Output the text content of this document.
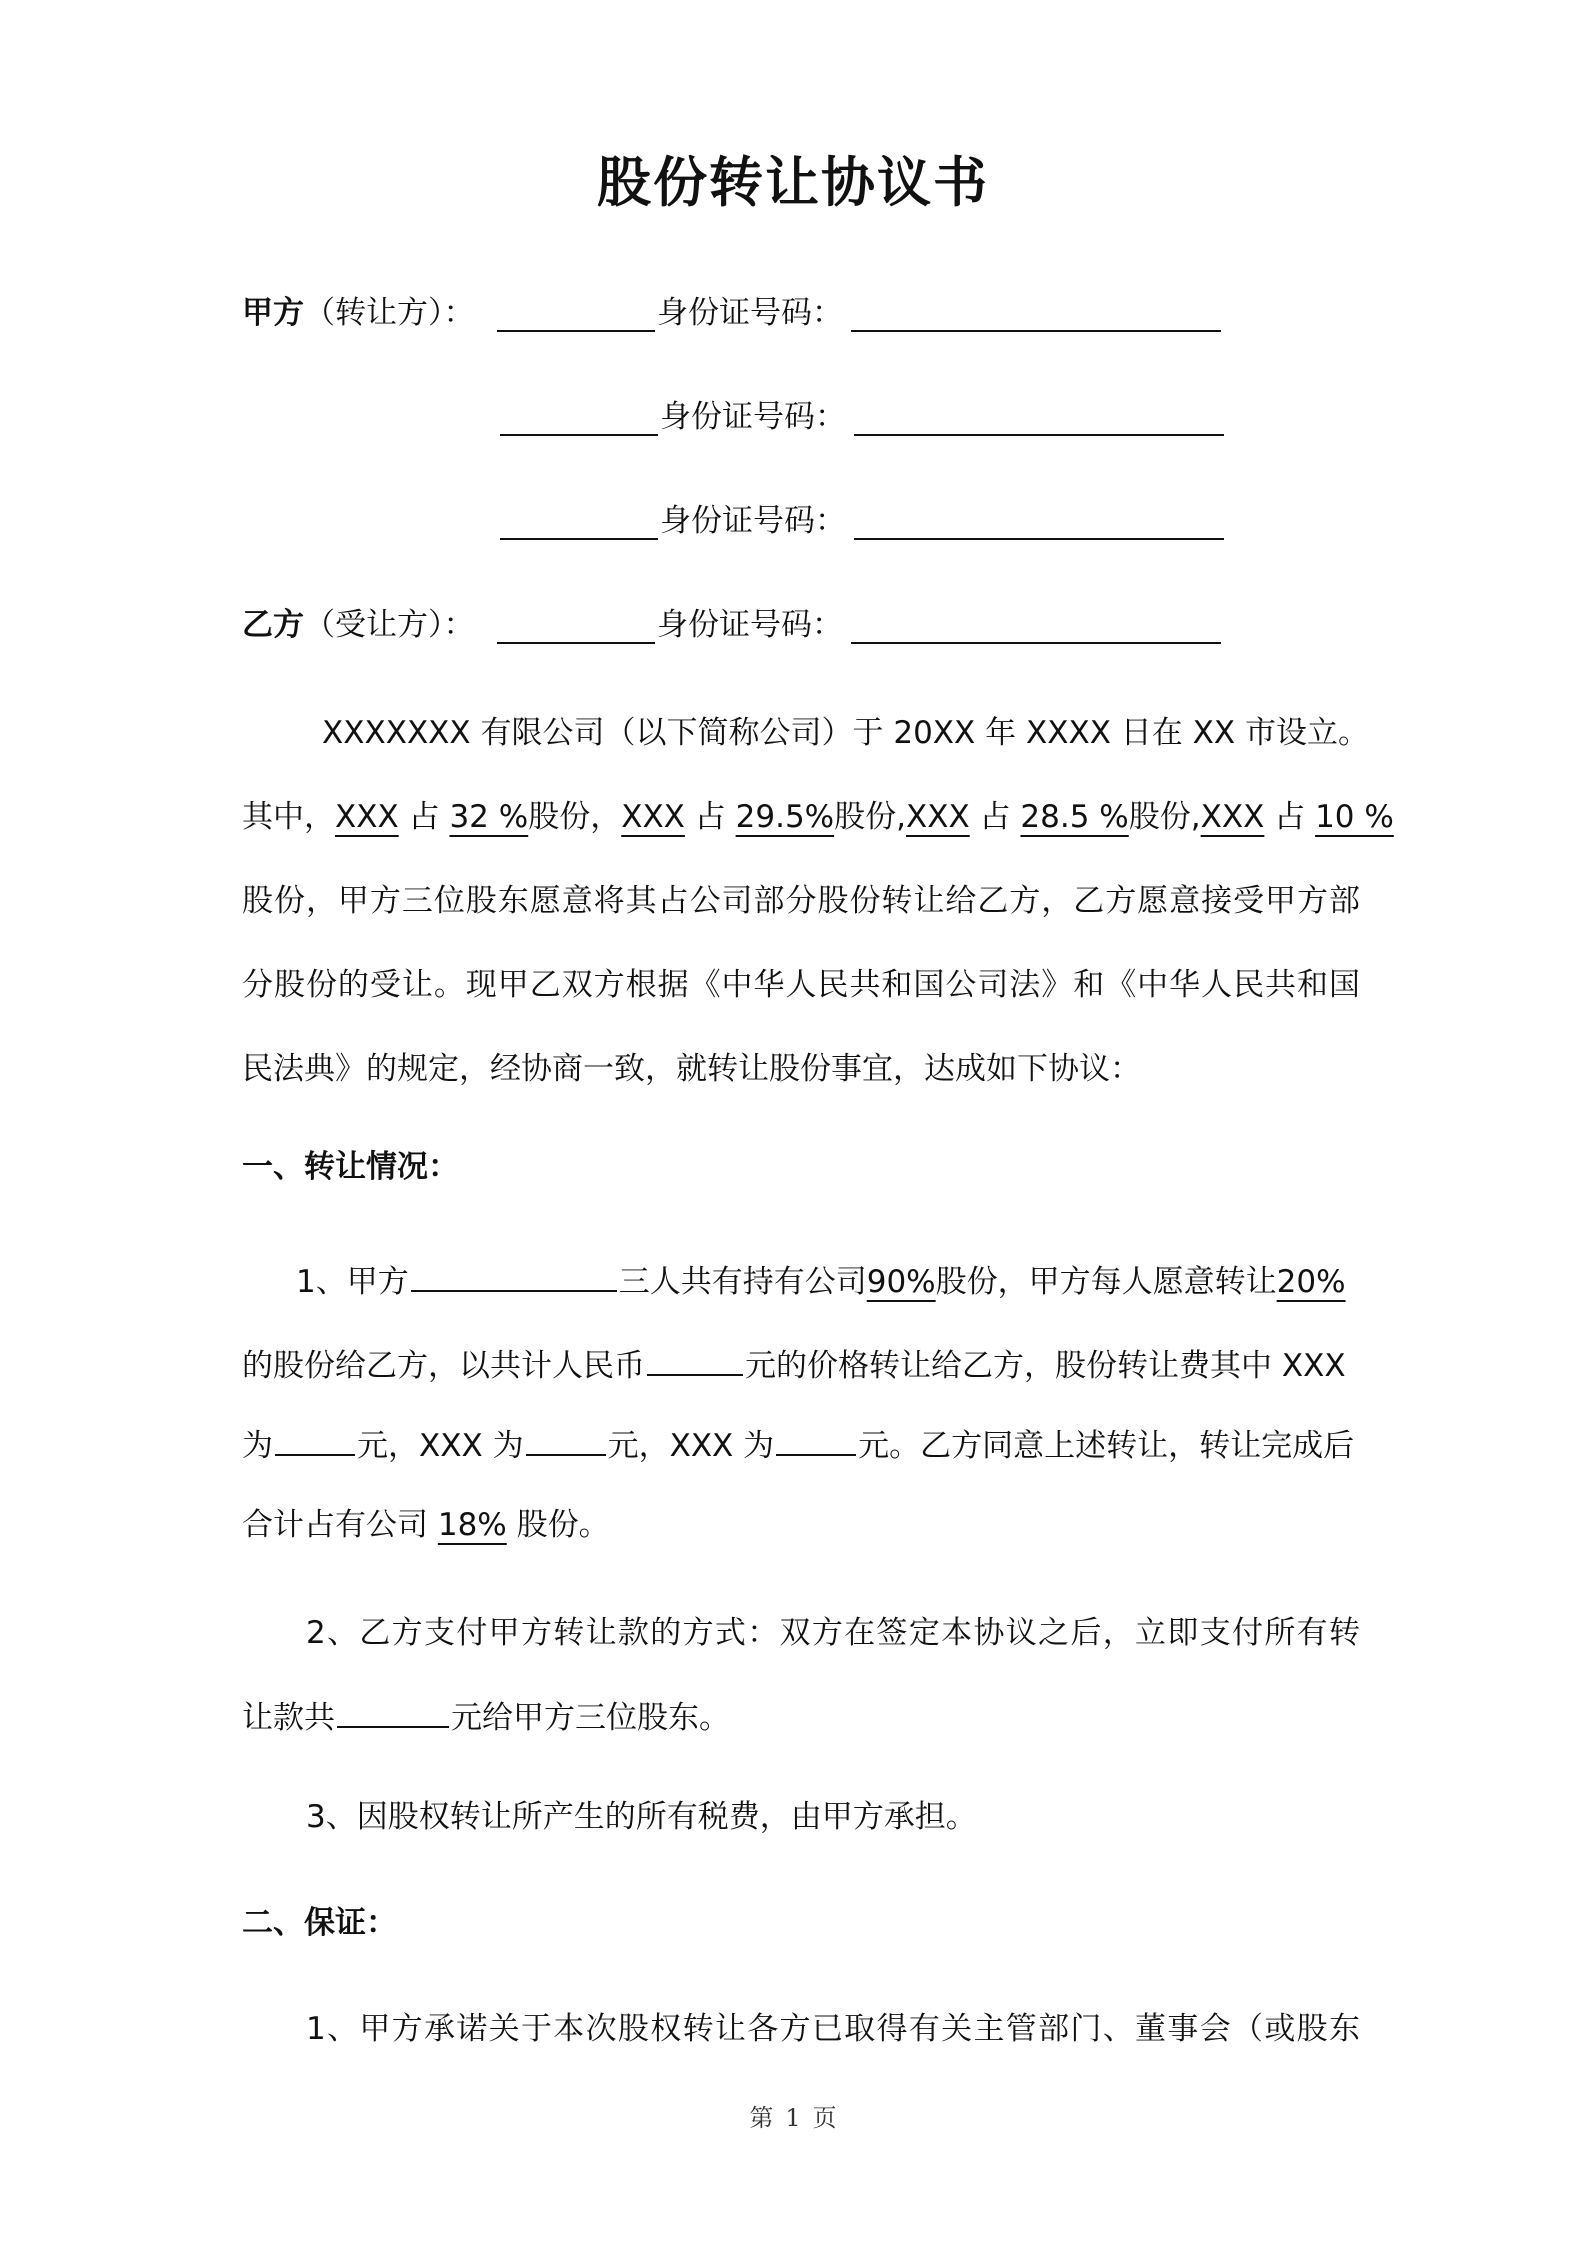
股份转让协议书
甲方（转让方）：	身份证号码：
身份证号码：
身份证号码：
乙方（受让方）：	身份证号码：
XXXXXXX 有限公司（以下简称公司）于 20XX 年 XXXX 日在 XX 市设立。
其中，XXX 占 32 %股份，XXX 占 29.5%股份,XXX 占 28.5 %股份,XXX 占 10 %
股份，甲方三位股东愿意将其占公司部分股份转让给乙方，乙方愿意接受甲方部
分股份的受让。现甲乙双方根据《中华人民共和国公司法》和《中华人民共和国
民法典》的规定，经协商一致，就转让股份事宜，达成如下协议：
一、转让情况：
1、甲方	三人共有持有公司90%股份，甲方每人愿意转让20%
的股份给乙方，以共计人民币	元的价格转让给乙方，股份转让费其中 XXX
为	元，XXX 为	元，XXX 为	元。乙方同意上述转让，转让完成后
合计占有公司 18% 股份。
2、乙方支付甲方转让款的方式：双方在签定本协议之后，立即支付所有转
让款共	元给甲方三位股东。
3、因股权转让所产生的所有税费，由甲方承担。
二、保证：
1、甲方承诺关于本次股权转让各方已取得有关主管部门、董事会（或股东
第 1 页
